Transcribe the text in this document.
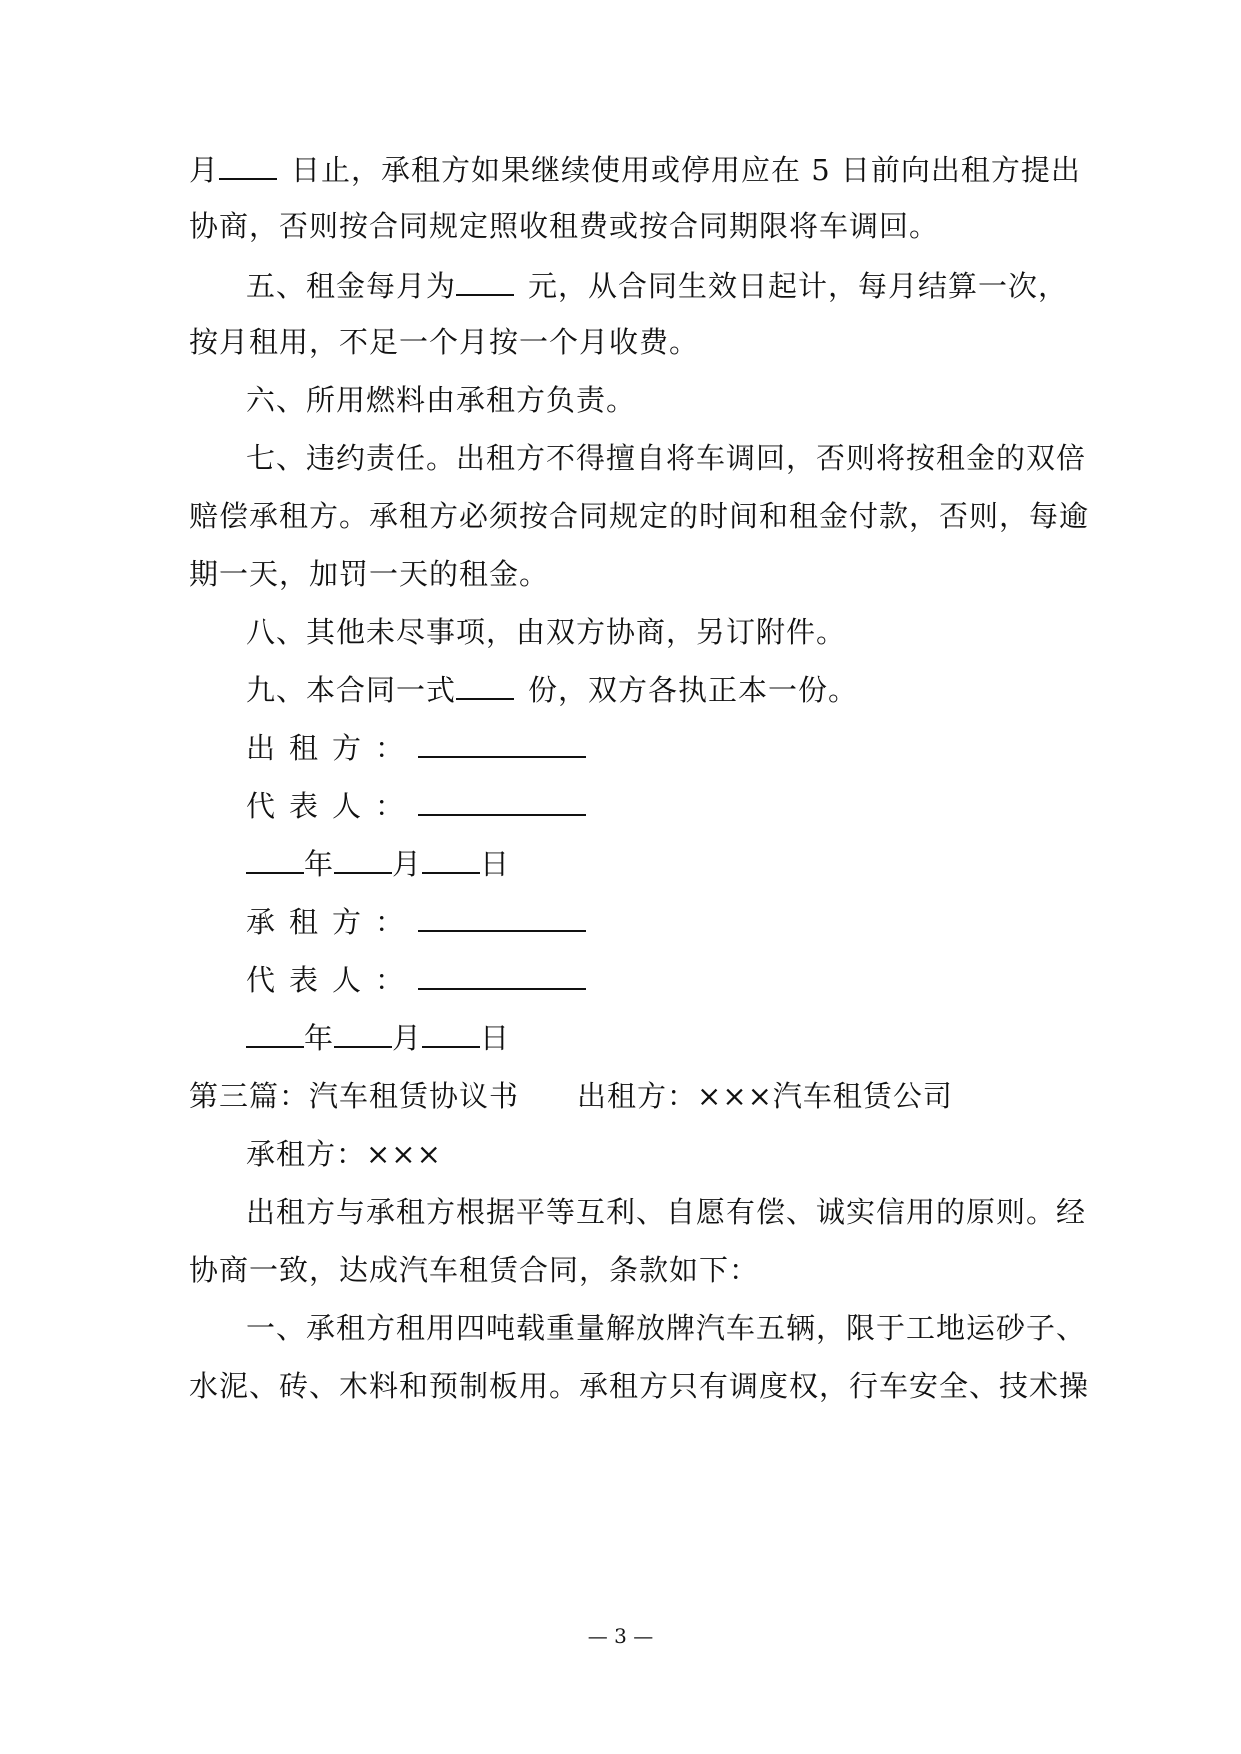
月 日止，承租方如果继续使用或停用应在 5 日前向出租方提出
协商，否则按合同规定照收租费或按合同期限将车调回。
五、租金每月为 元，从合同生效日起计，每月结算一次，
按月租用，不足一个月按一个月收费。
六、所用燃料由承租方负责。
七、违约责任。出租方不得擅自将车调回，否则将按租金的双倍
赔偿承租方。承租方必须按合同规定的时间和租金付款，否则，每逾
期一天，加罚一天的租金。
八、其他未尽事项，由双方协商，另订附件。
九、本合同一式 份，双方各执正本一份。
出租方：
代表人：
年 月 日
承租方：
代表人：
年 月 日
第三篇：汽车租赁协议书 出租方：×××汽车租赁公司
承租方：×××
出租方与承租方根据平等互利、自愿有偿、诚实信用的原则。经
协商一致，达成汽车租赁合同，条款如下：
一、承租方租用四吨载重量解放牌汽车五辆，限于工地运砂子、
水泥、砖、木料和预制板用。承租方只有调度权，行车安全、技术操
— 3 —
